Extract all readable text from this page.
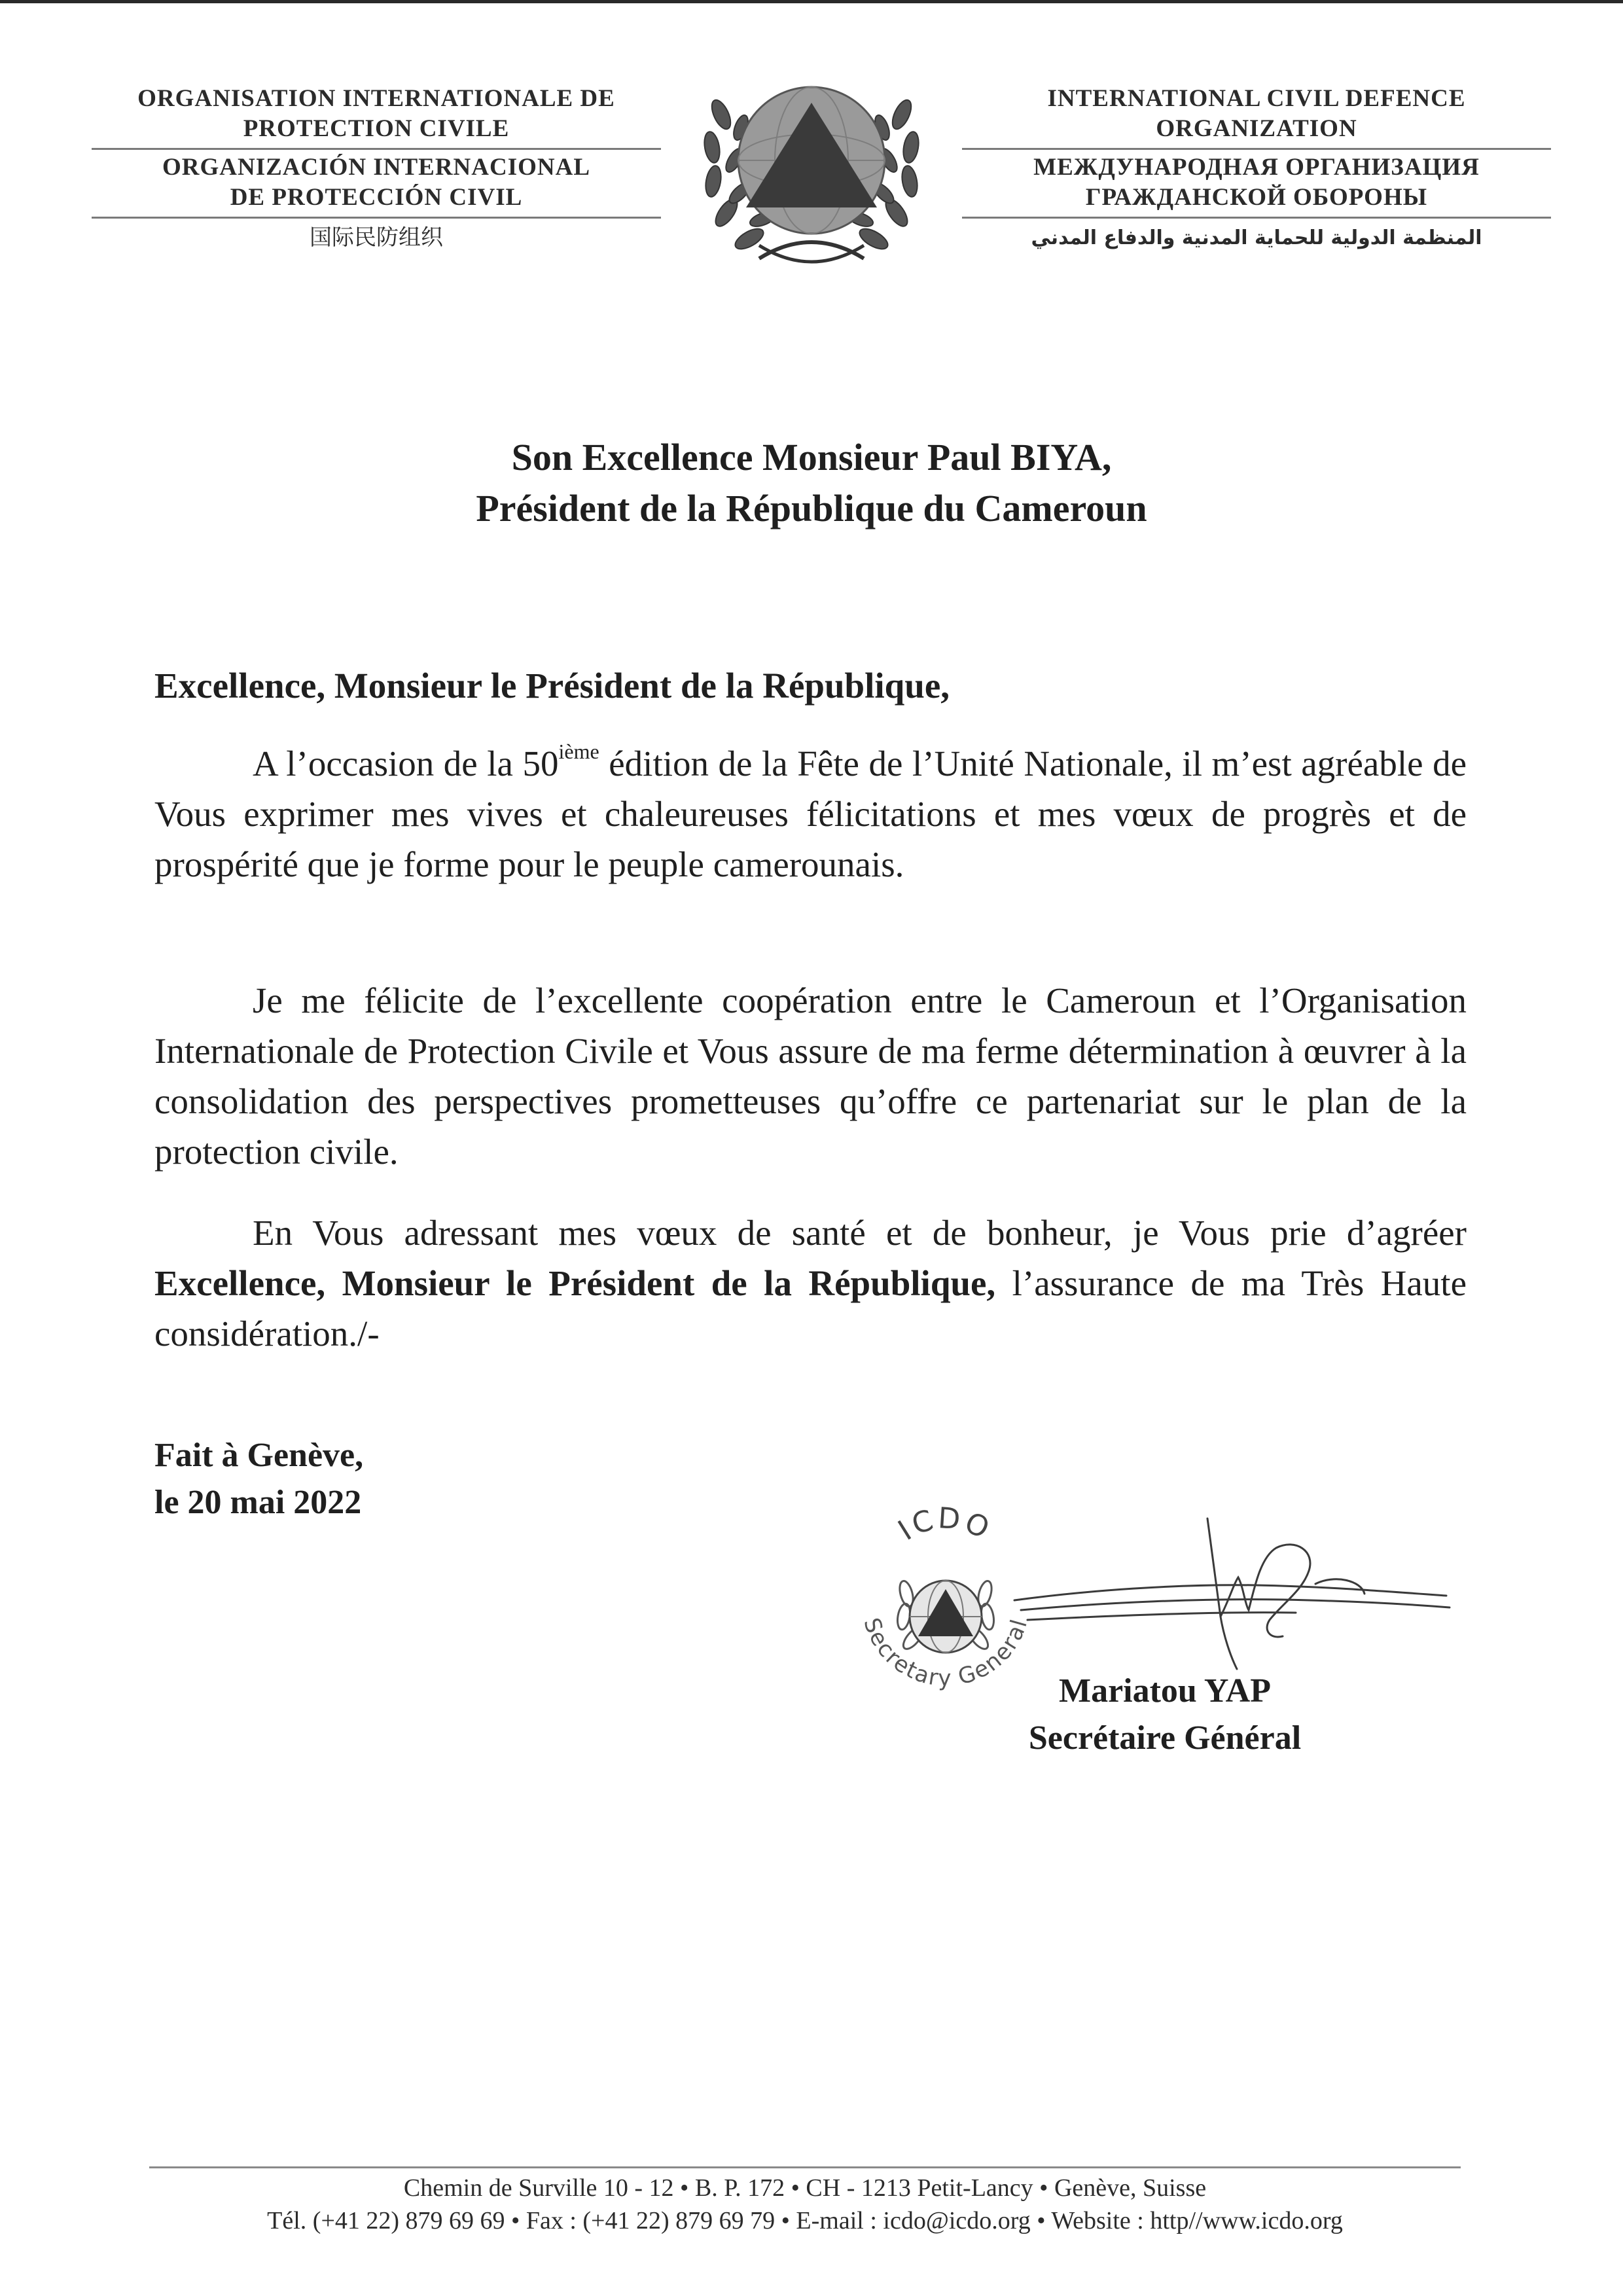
ORGANISATION INTERNATIONALE DE
PROTECTION CIVILE
ORGANIZACIÓN INTERNACIONAL
DE PROTECCIÓN CIVIL
国际民防组织
INTERNATIONAL CIVIL DEFENCE
ORGANIZATION
МЕЖДУНАРОДНАЯ ОРГАНИЗАЦИЯ
ГРАЖДАНСКОЙ ОБОРОНЫ
المنظمة الدولية للحماية المدنية والدفاع المدني
Son Excellence Monsieur Paul BIYA,
Président de la République du Cameroun
Excellence, Monsieur le Président de la République,
A l’occasion de la 50ième édition de la Fête de l’Unité Nationale, il m’est agréable de Vous exprimer mes vives et chaleureuses félicitations et mes vœux de progrès et de prospérité que je forme pour le peuple camerounais.
Je me félicite de l’excellente coopération entre le Cameroun et l’Organisation Internationale de Protection Civile et Vous assure de ma ferme détermination à œuvrer à la consolidation des perspectives prometteuses qu’offre ce partenariat sur le plan de la protection civile.
En Vous adressant mes vœux de santé et de bonheur, je Vous prie d’agréer Excellence, Monsieur le Président de la République, l’assurance de ma Très Haute considération./-
Fait à Genève,
le 20 mai 2022
ICDO
Secretary General
Mariatou YAP
Secrétaire Général
Chemin de Surville 10 - 12 • B. P. 172 • CH - 1213 Petit-Lancy • Genève, Suisse
Tél. (+41 22) 879 69 69 • Fax : (+41 22) 879 69 79 • E-mail : icdo@icdo.org • Website : http//www.icdo.org
